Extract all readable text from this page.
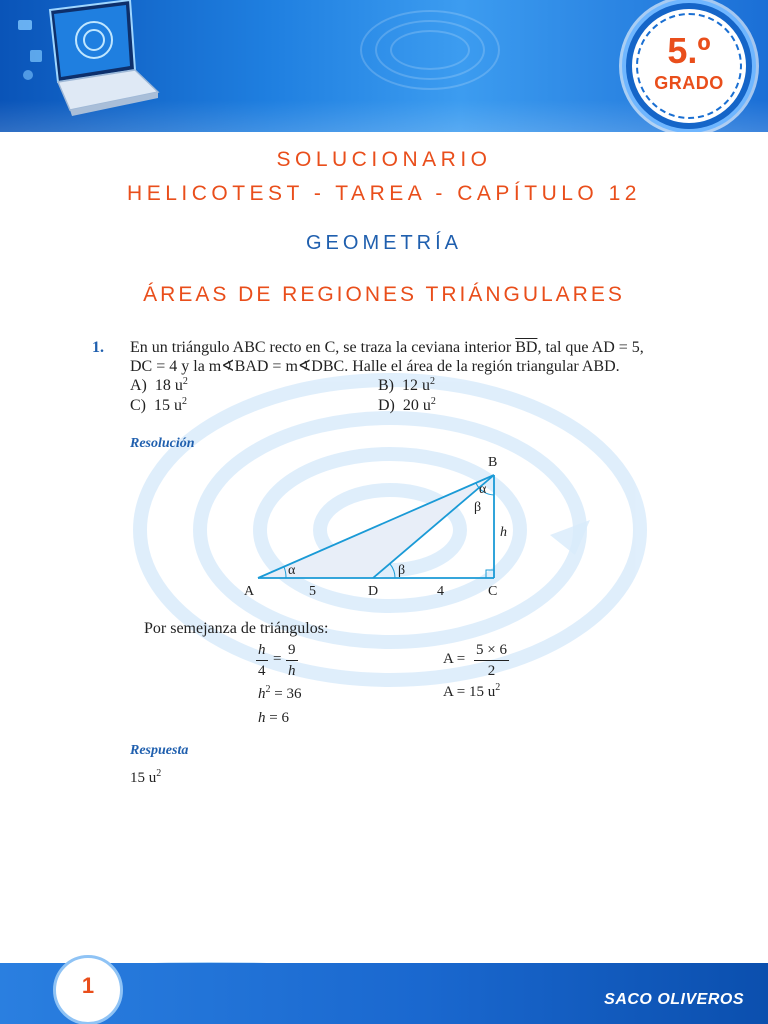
5.º
GRADO
SOLUCIONARIO
HELICOTEST - TAREA - CAPÍTULO 12
GEOMETRÍA
ÁREAS DE REGIONES TRIÁNGULARES
1. En un triángulo ABC recto en C, se traza la ceviana interior $\overline{BD}$, tal que AD = 5,
DC = 4 y la m∢BAD = m∢DBC. Halle el área de la región triangular ABD.
A) 18 $u^2$	B) 12 $u^2$
C) 15 $u^2$	D) 20 $u^2$
Resolución
A	D	C
B
5	4
h
α	β
α
β
Por semejanza de triángulos:
h
4
=
9
h
$h^2 = 36$
h = 6
A =
5 × 6
2
A = 15 $u^2$
Respuesta
15 $u^2$
1
SACO OLIVEROS
